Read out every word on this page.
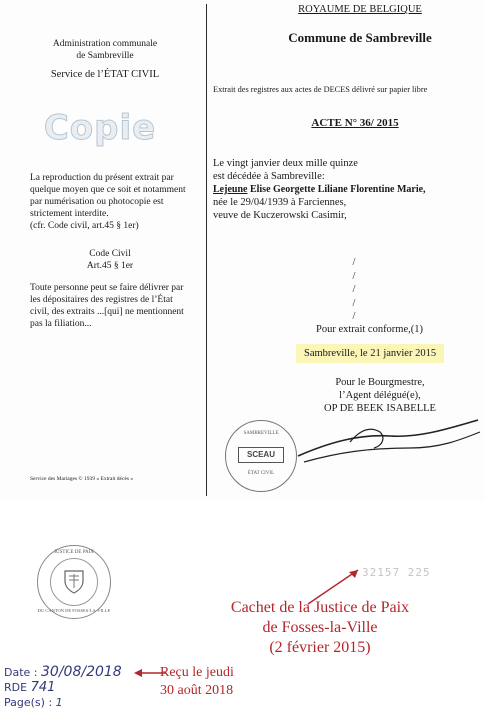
Administration communale
de Sambreville
Service de l’ÉTAT CIVIL
Copie
La reproduction du présent extrait par
quelque moyen que ce soit et notamment
par numérisation ou photocopie est
strictement interdite.
(cfr. Code civil, art.45 § 1er)
Code Civil
Art.45 § 1er
Toute personne peut se faire délivrer par
les dépositaires des registres de l’État
civil, des extraits ...[qui] ne mentionnent
pas la filiation...
Service des Mariages © 1939 « Extrait décès »
ROYAUME DE BELGIQUE
Commune de Sambreville
Extrait des registres aux actes de DECES délivré sur papier libre
ACTE N° 36/ 2015
Le vingt janvier deux mille quinze
est décédée à Sambreville:
Lejeune Elise Georgette Liliane Florentine Marie,
née le 29/04/1939 à Farciennes,
veuve de Kuczerowski Casimir,
/
/
/
/
/
Pour extrait conforme,(1)
Sambreville, le 21 janvier 2015
Pour le Bourgmestre,
l’Agent délégué(e),
OP DE BEEK ISABELLE
SAMBREVILLE
SCEAU
ÉTAT CIVIL
JUSTICE DE PAIX
DU CANTON DE FOSSES-LA-VILLE
32157 225
Cachet de la Justice de Paix
de Fosses-la-Ville
(2 février 2015)
Date : 30/08/2018
RDE 741
Page(s) : 1
Reçu le jeudi
30 août 2018
